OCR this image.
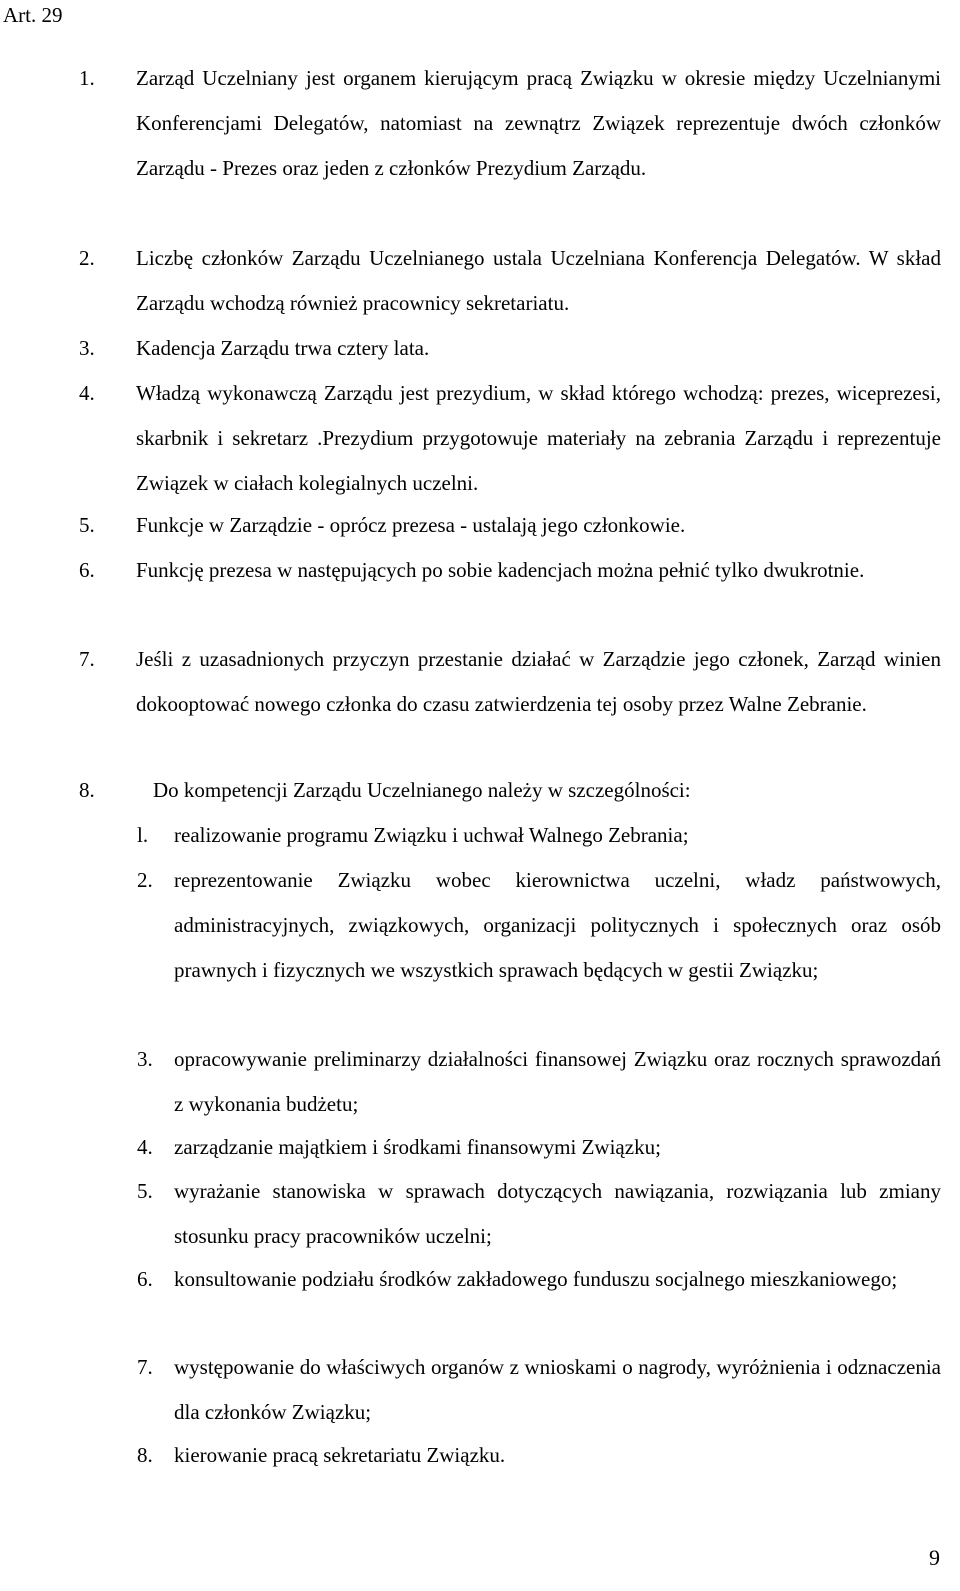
Art. 29
1. Zarząd Uczelniany jest organem kierującym pracą Związku w okresie między Uczelnianymi Konferencjami Delegatów, natomiast na zewnątrz Związek reprezentuje dwóch członków Zarządu - Prezes oraz jeden z członków Prezydium Zarządu.
2. Liczbę członków Zarządu Uczelnianego ustala Uczelniana Konferencja Delegatów. W skład Zarządu wchodzą również pracownicy sekretariatu.
3. Kadencja Zarządu trwa cztery lata.
4. Władzą wykonawczą Zarządu jest prezydium, w skład którego wchodzą: prezes, wiceprezesi, skarbnik i sekretarz .Prezydium przygotowuje materiały na zebrania Zarządu i reprezentuje Związek w ciałach kolegialnych uczelni.
5. Funkcje w Zarządzie - oprócz prezesa - ustalają jego członkowie.
6. Funkcję prezesa w następujących po sobie kadencjach można pełnić tylko dwukrotnie.
7. Jeśli z uzasadnionych przyczyn przestanie działać w Zarządzie jego członek, Zarząd winien dokooptować nowego członka do czasu zatwierdzenia tej osoby przez Walne Zebranie.
8.	Do kompetencji Zarządu Uczelnianego należy w szczególności:
l. realizowanie programu Związku i uchwał Walnego Zebrania;
2. reprezentowanie Związku wobec kierownictwa uczelni, władz państwowych, administracyjnych, związkowych, organizacji politycznych i społecznych oraz osób prawnych i fizycznych we wszystkich sprawach będących w gestii Związku;
3. opracowywanie preliminarzy działalności finansowej Związku oraz rocznych sprawozdań z wykonania budżetu;
4. zarządzanie majątkiem i środkami finansowymi Związku;
5. wyrażanie stanowiska w sprawach dotyczących nawiązania, rozwiązania lub zmiany stosunku pracy pracowników uczelni;
6. konsultowanie podziału środków zakładowego funduszu socjalnego mieszkaniowego;
7. występowanie do właściwych organów z wnioskami o nagrody, wyróżnienia i odznaczenia dla członków Związku;
8. kierowanie pracą sekretariatu Związku.
9
